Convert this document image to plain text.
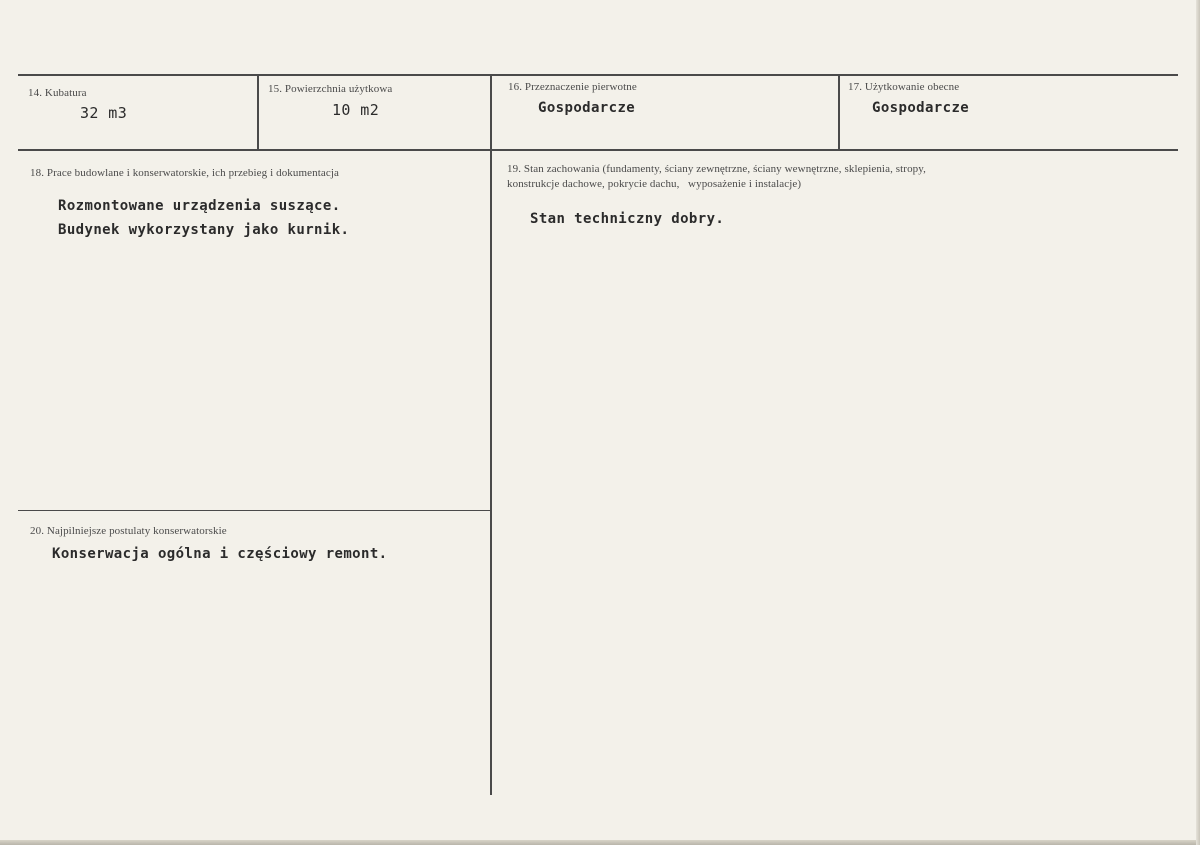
14. Kubatura
32 m3
15. Powierzchnia użytkowa
10 m2
16. Przeznaczenie pierwotne
Gospodarcze
17. Użytkowanie obecne
Gospodarcze
18. Prace budowlane i konserwatorskie, ich przebieg i dokumentacja
Rozmontowane urządzenia suszące.
Budynek wykorzystany jako kurnik.
19. Stan zachowania (fundamenty, ściany zewnętrzne, ściany wewnętrzne, sklepienia, stropy,
konstrukcje dachowe, pokrycie dachu,   wyposażenie i instalacje)
Stan techniczny dobry.
20. Najpilniejsze postulaty konserwatorskie
Konserwacja ogólna i częściowy remont.
